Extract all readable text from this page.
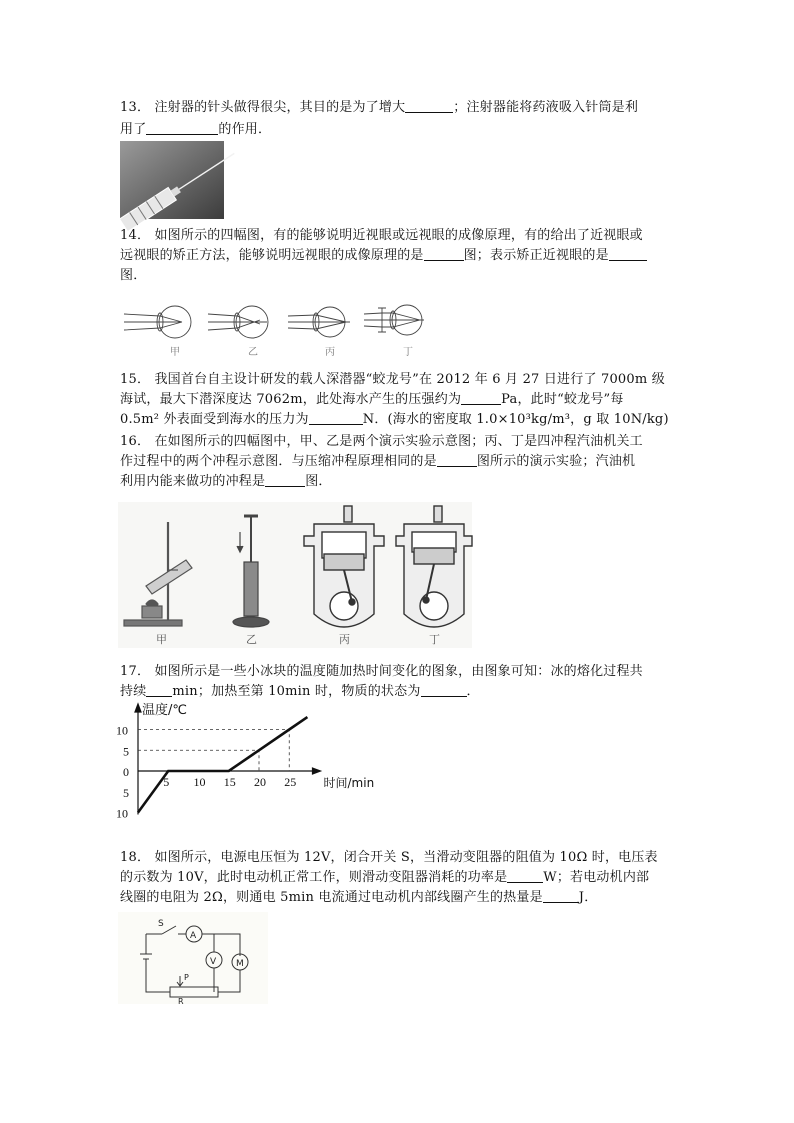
13． 注射器的针头做得很尖，其目的是为了增大	；注射器能将药液吸入针筒是利
用了	的作用．
14． 如图所示的四幅图，有的能够说明近视眼或远视眼的成像原理，有的给出了近视眼或
远视眼的矫正方法，能够说明远视眼的成像原理的是	图；表示矫正近视眼的是
图．
甲	乙	丙	丁
15． 我国首台自主设计研发的载人深潜器“蛟龙号”在 2012 年 6 月 27 日进行了 7000m 级
海试，最大下潜深度达 7062m，此处海水产生的压强约为	Pa，此时“蛟龙号”每
0.5m² 外表面受到海水的压力为	N．(海水的密度取 1.0×10³kg/m³，g 取 10N/kg)
16． 在如图所示的四幅图中，甲、乙是两个演示实验示意图；丙、丁是四冲程汽油机关工
作过程中的两个冲程示意图．与压缩冲程原理相同的是	图所示的演示实验；汽油机
利用内能来做功的冲程是	图．
甲	乙	丙	丁
17． 如图所示是一些小冰块的温度随加热时间变化的图象，由图象可知：冰的熔化过程共
持续 min；加热至第 10min 时，物质的状态为	．
5 10 15 20 25
10
5
0
5
10
温度/℃
时间/min
18． 如图所示，电源电压恒为 12V，闭合开关 S，当滑动变阻器的阻值为 10Ω 时，电压表
的示数为 10V，此时电动机正常工作，则滑动变阻器消耗的功率是	W；若电动机内部
线圈的电阻为 2Ω，则通电 5min 电流通过电动机内部线圈产生的热量是	J．
S
A
M
V
P
R
